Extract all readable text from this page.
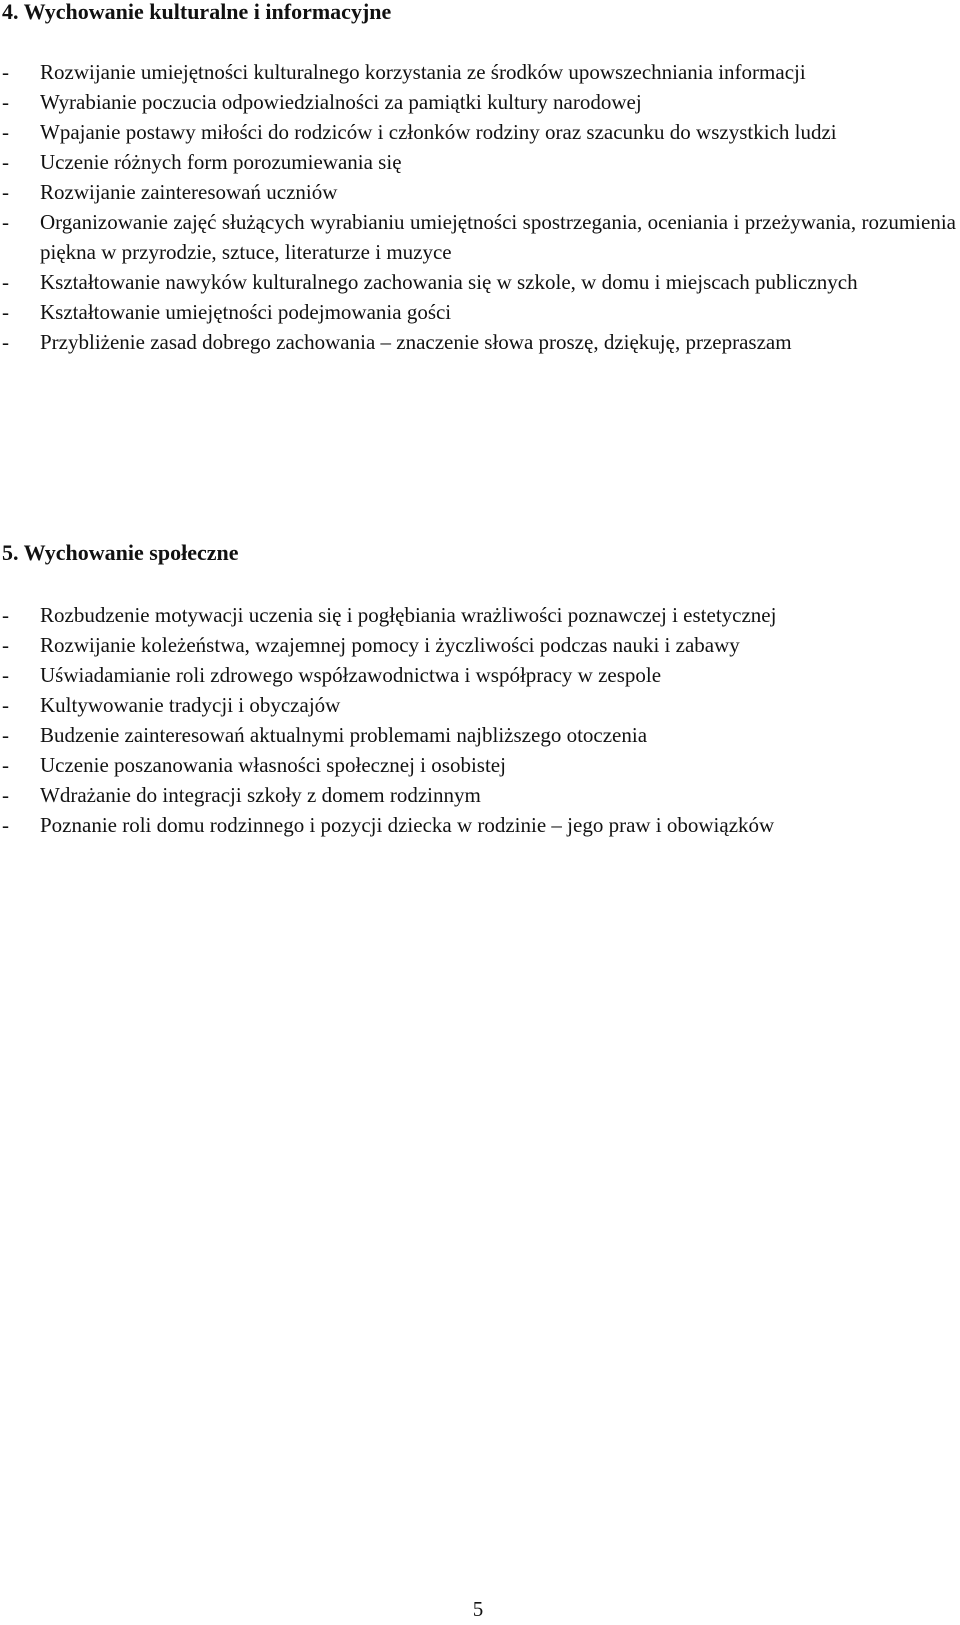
4. Wychowanie kulturalne i informacyjne
-	Rozwijanie umiejętności kulturalnego korzystania ze środków upowszechniania informacji
-	Wyrabianie poczucia odpowiedzialności za pamiątki kultury narodowej
-	Wpajanie postawy miłości do rodziców i członków rodziny oraz szacunku do wszystkich ludzi
-	Uczenie różnych form porozumiewania się
-	Rozwijanie zainteresowań uczniów
-	Organizowanie zajęć służących wyrabianiu umiejętności spostrzegania, oceniania i przeżywania, rozumienia piękna w przyrodzie, sztuce, literaturze i muzyce
-	Kształtowanie nawyków kulturalnego zachowania się w szkole, w domu i miejscach publicznych
-	Kształtowanie umiejętności podejmowania gości
-	Przybliżenie zasad dobrego zachowania – znaczenie słowa proszę, dziękuję, przepraszam
5. Wychowanie społeczne
-	Rozbudzenie motywacji uczenia się i pogłębiania wrażliwości poznawczej i estetycznej
-	Rozwijanie koleżeństwa, wzajemnej pomocy i życzliwości podczas nauki i zabawy
-	Uświadamianie roli zdrowego współzawodnictwa i współpracy w zespole
-	Kultywowanie tradycji i obyczajów
-	Budzenie zainteresowań aktualnymi problemami najbliższego otoczenia
-	Uczenie poszanowania własności społecznej i osobistej
-	Wdrażanie do integracji szkoły z domem rodzinnym
-	Poznanie roli domu rodzinnego i pozycji dziecka w rodzinie – jego praw i obowiązków
5
